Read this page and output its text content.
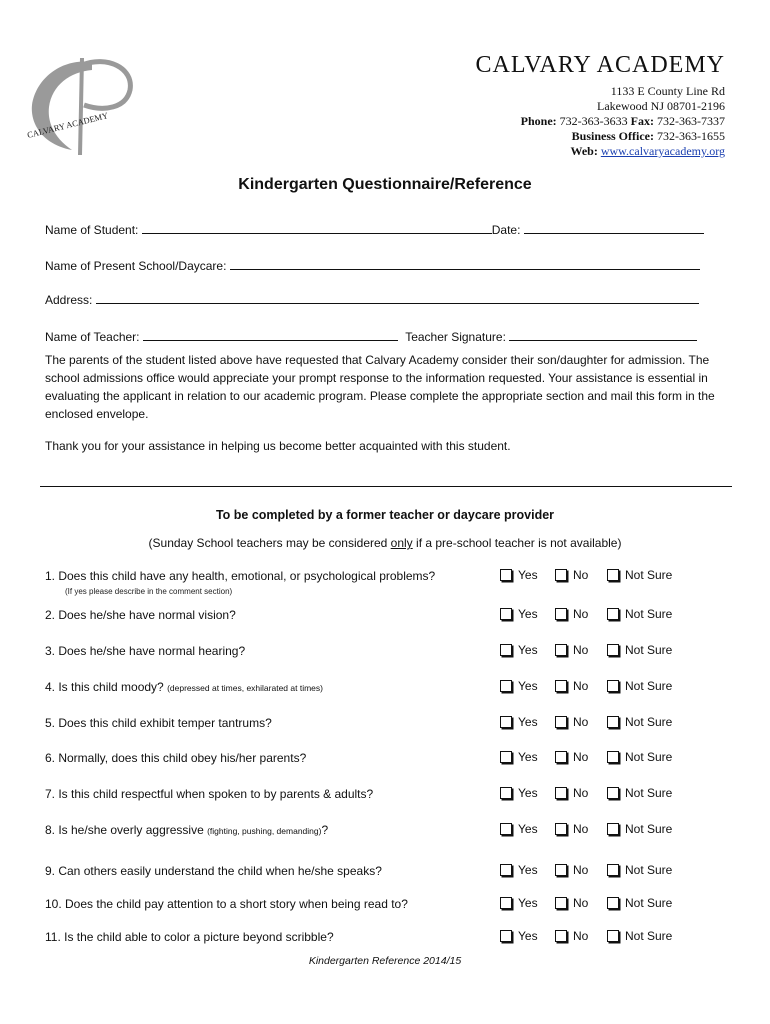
CALVARY ACADEMY
CALVARY ACADEMY
1133 E County Line Rd
Lakewood NJ 08701-2196
Phone: 732-363-3633 Fax: 732-363-7337
Business Office: 732-363-1655
Web: www.calvaryacademy.org
Kindergarten Questionnaire/Reference
Name of Student:	Date:
Name of Present School/Daycare:
Address:
Name of Teacher:	Teacher Signature:
The parents of the student listed above have requested that Calvary Academy consider their son/daughter for admission. The school admissions office would appreciate your prompt response to the information requested. Your assistance is essential in evaluating the applicant in relation to our academic program. Please complete the appropriate section and mail this form in the enclosed envelope.
Thank you for your assistance in helping us become better acquainted with this student.
To be completed by a former teacher or daycare provider
(Sunday School teachers may be considered only if a pre-school teacher is not available)
1. Does this child have any health, emotional, or psychological problems?
(If yes please describe in the comment section)
Yes	No	Not Sure
2. Does he/she have normal vision?	Yes	No	Not Sure
3. Does he/she have normal hearing?	Yes	No	Not Sure
4. Is this child moody? (depressed at times, exhilarated at times)	Yes	No	Not Sure
5. Does this child exhibit temper tantrums?	Yes	No	Not Sure
6. Normally, does this child obey his/her parents?	Yes	No	Not Sure
7. Is this child respectful when spoken to by parents & adults?	Yes	No	Not Sure
8. Is he/she overly aggressive (fighting, pushing, demanding)?	Yes	No	Not Sure
9. Can others easily understand the child when he/she speaks?	Yes	No	Not Sure
10. Does the child pay attention to a short story when being read to?	Yes	No	Not Sure
11. Is the child able to color a picture beyond scribble?	Yes	No	Not Sure
Kindergarten Reference 2014/15
